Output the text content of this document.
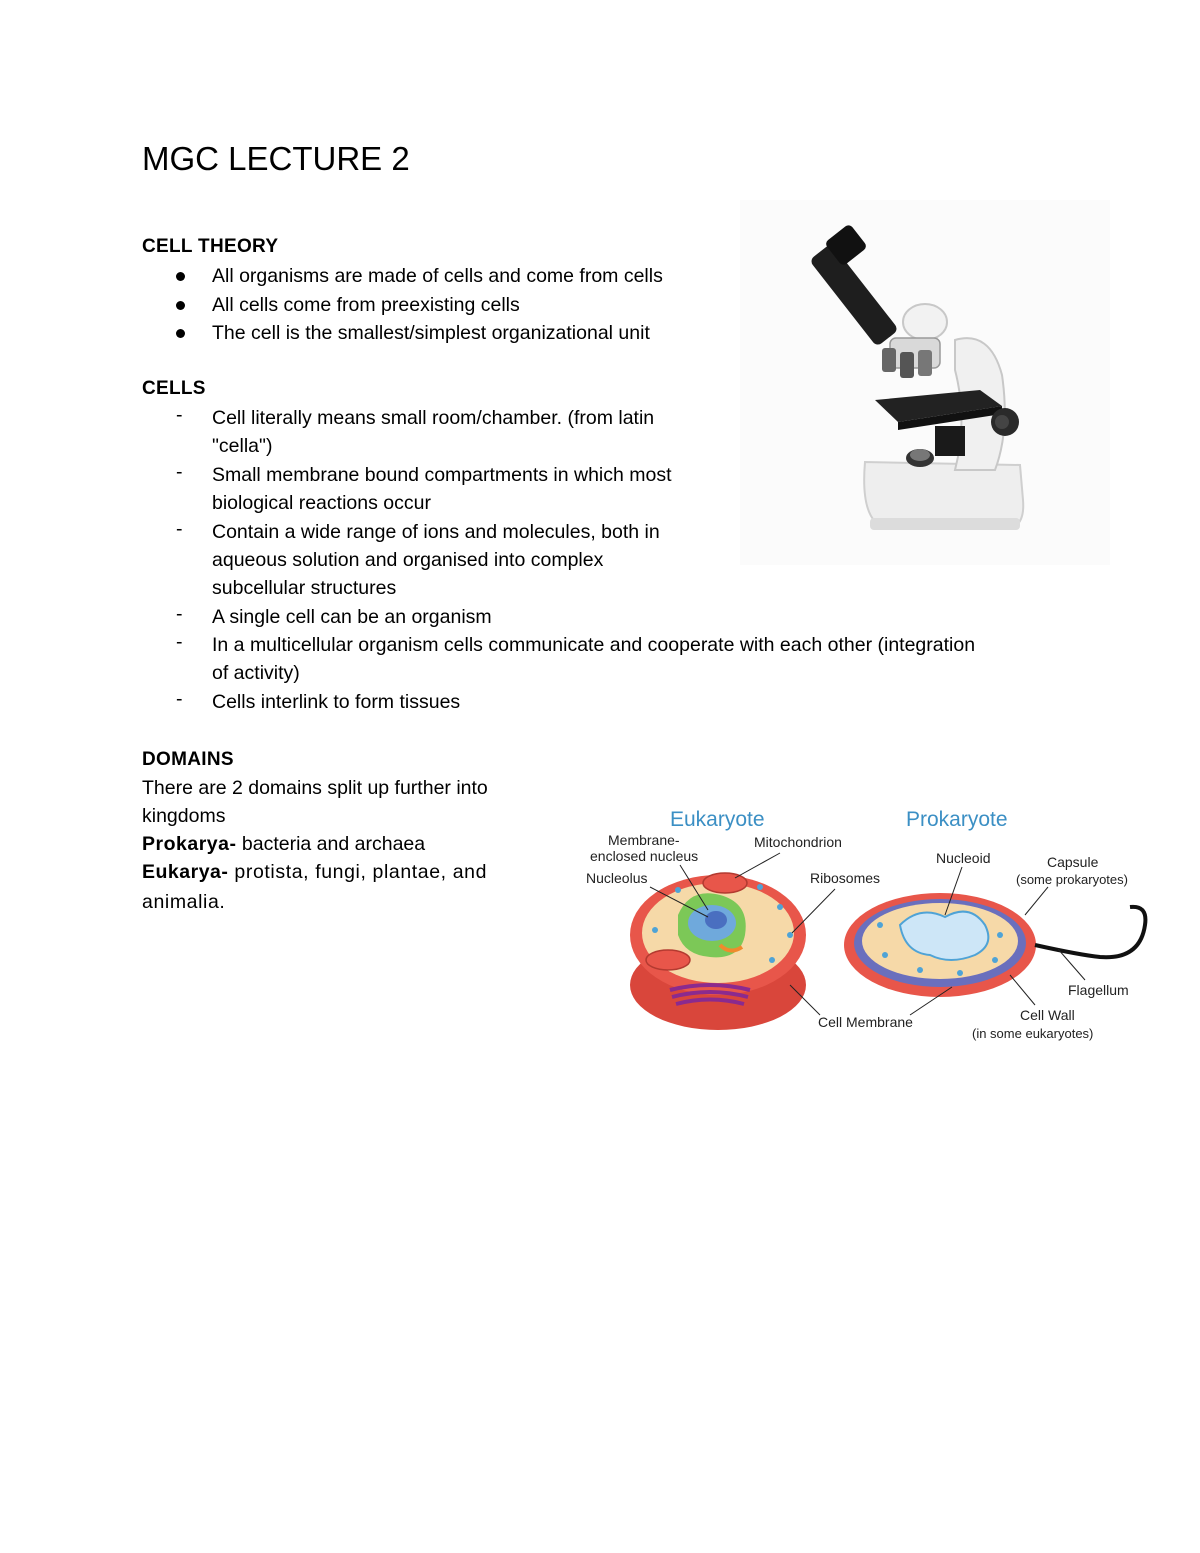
MGC LECTURE 2
CELL THEORY
All organisms are made of cells and come from cells
All cells come from preexisting cells
The cell is the smallest/simplest organizational unit
CELLS
- Cell literally means small room/chamber. (from latin
"cella")
- Small membrane bound compartments in which most
biological reactions occur
- Contain a wide range of ions and molecules, both in
aqueous solution and organised into complex
subcellular structures
- A single cell can be an organism
- In a multicellular organism cells communicate and cooperate with each other (integration
of activity)
- Cells interlink to form tissues
DOMAINS
There are 2 domains split up further into
kingdoms
Prokarya- bacteria and archaea
Eukarya- protista, fungi, plantae, and
animalia.
Eukaryote	Prokaryote
Membrane-
enclosed nucleus
Mitochondrion
Nucleolus	Ribosomes
Nucleoid	Capsule
(some prokaryotes)
Flagellum
Cell Membrane	Cell Wall
(in some eukaryotes)
